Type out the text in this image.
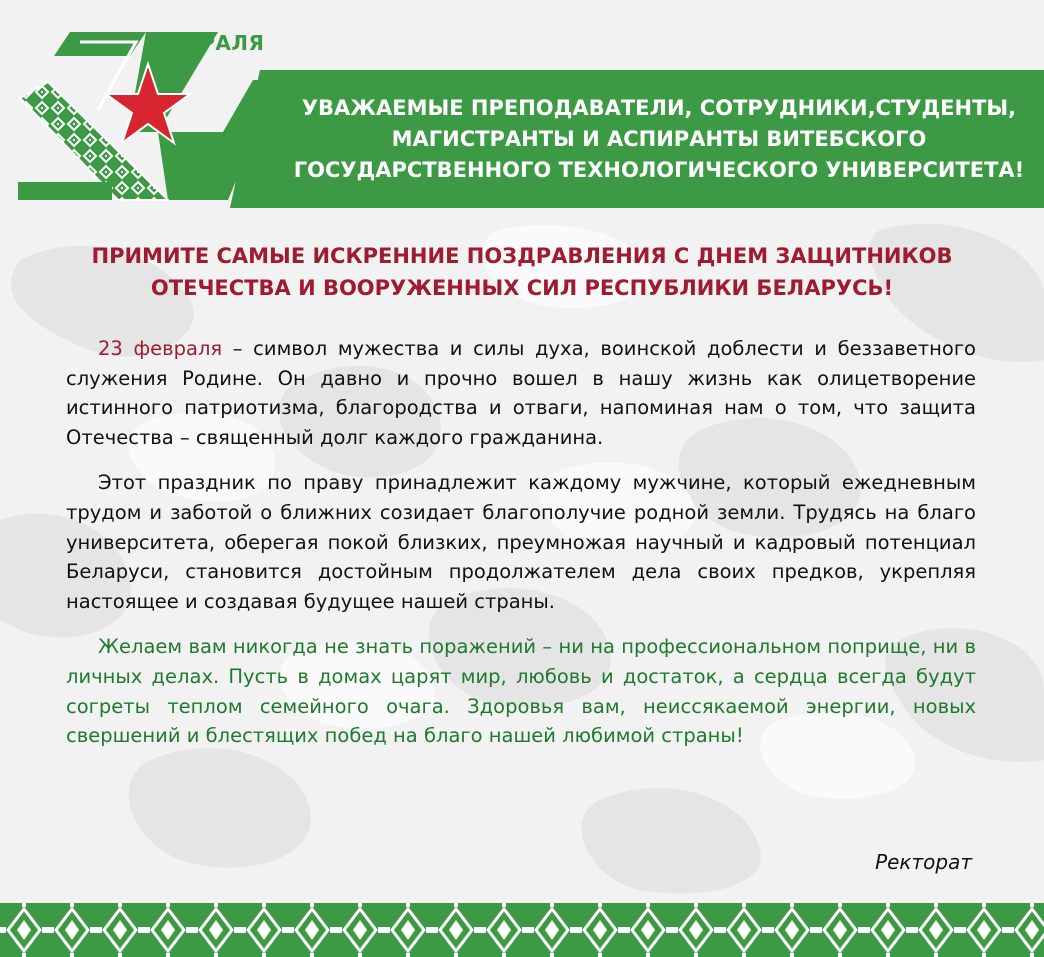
УВАЖАЕМЫЕ ПРЕПОДАВАТЕЛИ, СОТРУДНИКИ,СТУДЕНТЫ,
МАГИСТРАНТЫ И АСПИРАНТЫ ВИТЕБСКОГО
ГОСУДАРСТВЕННОГО ТЕХНОЛОГИЧЕСКОГО УНИВЕРСИТЕТА!
ФЕВРАЛЯ
ПРИМИТЕ САМЫЕ ИСКРЕННИЕ ПОЗДРАВЛЕНИЯ С ДНЕМ ЗАЩИТНИКОВ
ОТЕЧЕСТВА И ВООРУЖЕННЫХ СИЛ РЕСПУБЛИКИ БЕЛАРУСЬ!

23 февраля – символ мужества и силы духа, воинской доблести и беззаветного служения Родине. Он давно и прочно вошел в нашу жизнь как олицетворение истинного патриотизма, благородства и отваги, напоминая нам о том, что защита Отечества – священный долг каждого гражданина.

Этот праздник по праву принадлежит каждому мужчине, который ежедневным трудом и заботой о ближних созидает благополучие родной земли. Трудясь на благо университета, оберегая покой близких, преумножая научный и кадровый потенциал Беларуси, становится достойным продолжателем дела своих предков, укрепляя настоящее и создавая будущее нашей страны.

Желаем вам никогда не знать поражений – ни на профессиональном поприще, ни в личных делах. Пусть в домах царят мир, любовь и достаток, а сердца всегда будут согреты теплом семейного очага. Здоровья вам, неиссякаемой энергии, новых свершений и блестящих побед на благо нашей любимой страны!

Ректорат
